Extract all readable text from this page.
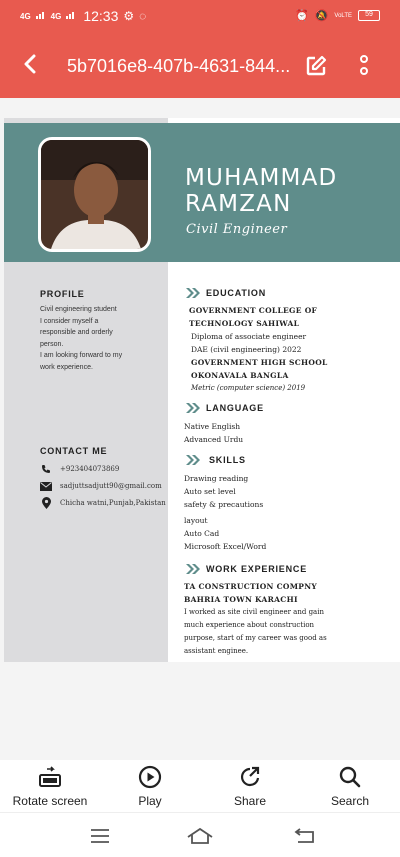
4G	4G 12:33 ⚙ ◌	⏰ 🔕 VoLTE	59
5b7016e8-407b-4631-844...
MUHAMMAD
RAMZAN
Civil Engineer
PROFILE
Civil engineering student
I consider myself a
responsible and orderly
person.
I am looking forward to my
work experience.
CONTACT ME
+923404073869
sadjuttsadjutt90@gmail.com
Chicha watni,Punjab,Pakistan
EDUCATION
GOVERNMENT COLLEGE OF
TECHNOLOGY SAHIWAL
Diploma of associate engineer
DAE (civil engineering) 2022
GOVERNMENT HIGH SCHOOL
OKONAVALA BANGLA
Metric (computer science) 2019
LANGUAGE
Native English
Advanced Urdu
SKILLS
Drawing reading
Auto set level
safety & precautions
layout
Auto Cad
Microsoft Excel/Word
WORK EXPERIENCE
TA CONSTRUCTION COMPNY
BAHRIA TOWN KARACHI
I worked as site civil engineer and gain
much experience about construction
purpose, start of my career was good as
assistant enginee.
Rotate screen	Play	Share	Search
